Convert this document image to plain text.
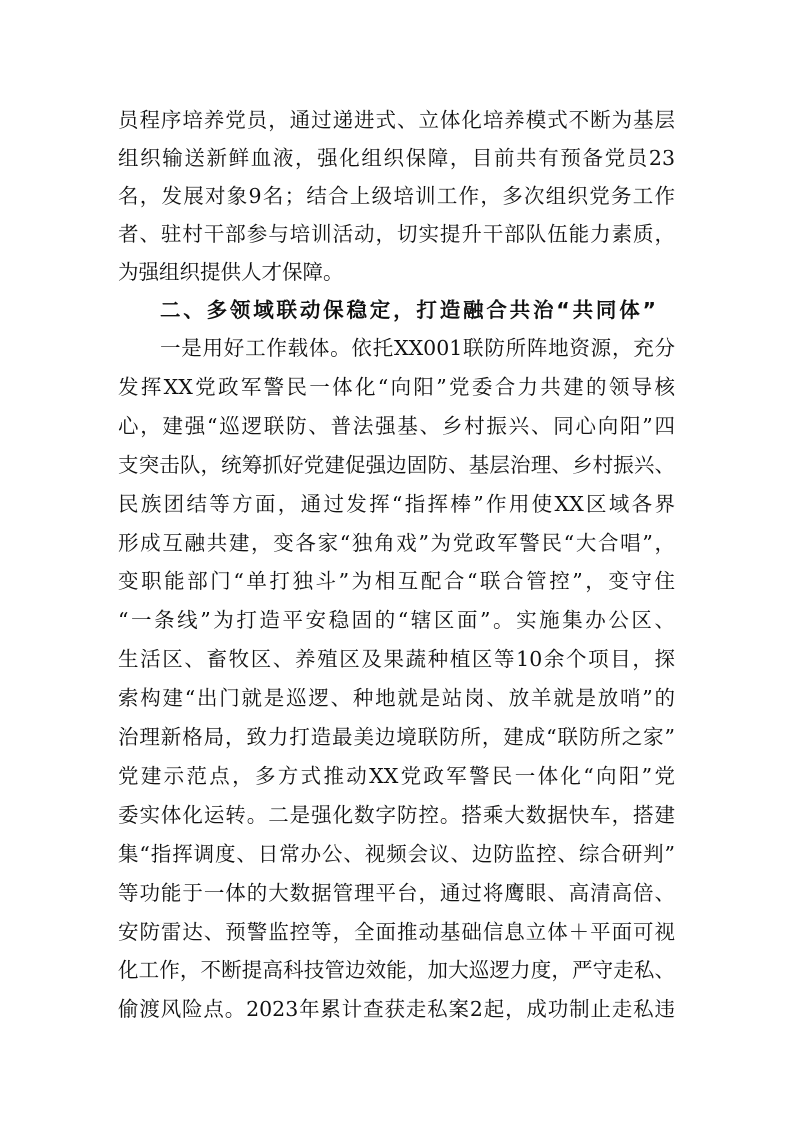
员程序培养党员，通过递进式、立体化培养模式不断为基层
组织输送新鲜血液，强化组织保障，目前共有预备党员23
名，发展对象9名；结合上级培训工作，多次组织党务工作
者、驻村干部参与培训活动，切实提升干部队伍能力素质，
为强组织提供人才保障。
二、多领域联动保稳定，打造融合共治“共同体”
一是用好工作载体。依托XX001联防所阵地资源，充分
发挥XX党政军警民一体化“向阳”党委合力共建的领导核
心，建强“巡逻联防、普法强基、乡村振兴、同心向阳”四
支突击队，统筹抓好党建促强边固防、基层治理、乡村振兴、
民族团结等方面，通过发挥“指挥棒”作用使XX区域各界
形成互融共建，变各家“独角戏”为党政军警民“大合唱”，
变职能部门“单打独斗”为相互配合“联合管控”，变守住
“一条线”为打造平安稳固的“辖区面”。实施集办公区、
生活区、畜牧区、养殖区及果蔬种植区等10余个项目，探
索构建“出门就是巡逻、种地就是站岗、放羊就是放哨”的
治理新格局，致力打造最美边境联防所，建成“联防所之家”
党建示范点，多方式推动XX党政军警民一体化“向阳”党
委实体化运转。二是强化数字防控。搭乘大数据快车，搭建
集“指挥调度、日常办公、视频会议、边防监控、综合研判”
等功能于一体的大数据管理平台，通过将鹰眼、高清高倍、
安防雷达、预警监控等，全面推动基础信息立体＋平面可视
化工作，不断提高科技管边效能，加大巡逻力度，严守走私、
偷渡风险点。2023年累计查获走私案2起，成功制止走私违
